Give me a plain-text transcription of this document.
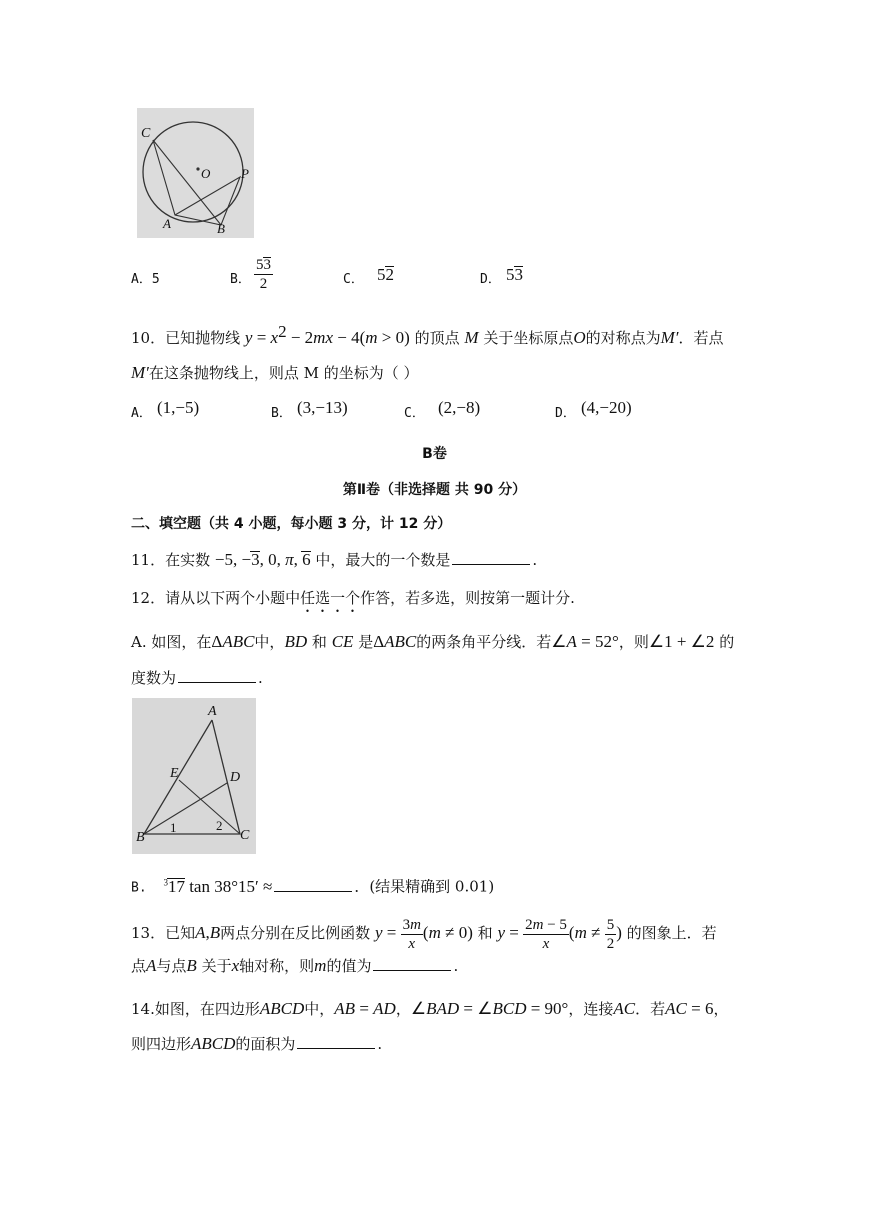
C
O P
A	B
A．5	B． $\frac{53}{2}$	C． 52	D． 53
10．已知抛物线 $y = x^2 - 2mx - 4(m > 0)$ 的顶点 M 关于坐标原点O的对称点为M′．若点
M′在这条抛物线上，则点 M 的坐标为（ ）
A． (1,−5)	B． (3,−13)	C． (2,−8)	D． (4,−20)
B卷
第Ⅱ卷（非选择题 共 90 分）
二、填空题（共 4 小题，每小题 3 分，计 12 分）
11．在实数 −5, −3, 0, π, 6 中，最大的一个数是	.
12．请从以下两个小题中任选一个作答，若多选，则按第一题计分.
A. 如图，在ΔABC中，BD 和 CE 是ΔABC的两条角平分线．若∠A = 52°，则∠1 + ∠2 的
度数为	.
A
E	D
B	C
1	2
B. $^3$17 tan 38°15′ ≈	．(结果精确到 0.01)
13．已知A,B两点分别在反比例函数 $y = \frac{3m}{x} (m \ne 0)$ 和 $y = \frac{2m - 5}{x} (m \ne \frac{5}{2}$ ) 的图象上．若
点A与点B 关于x轴对称，则m的值为	.
14.如图，在四边形ABCD中，AB = AD，∠BAD = ∠BCD = 90°，连接AC．若AC = 6，
则四边形ABCD的面积为	.
